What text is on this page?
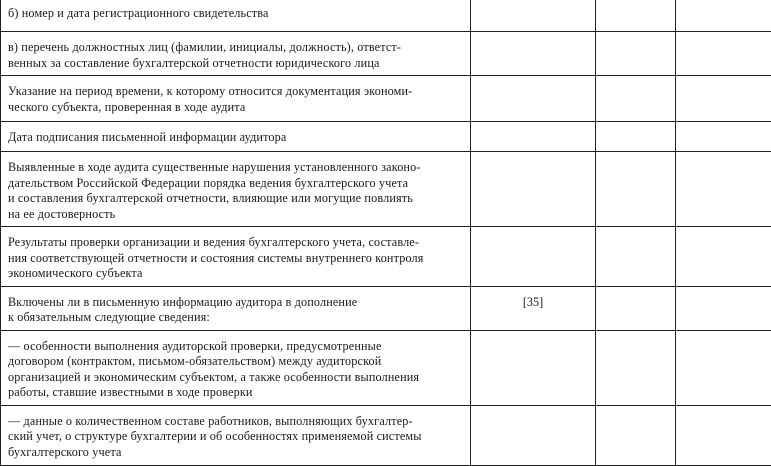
б) номер и дата регистрационного свидетельства			
в) перечень должностных лиц (фамилии, инициалы, должность), ответст-
венных за составление бухгалтерской отчетности юридического лица			
Указание на период времени, к которому относится документация экономи-
ческого субъекта, проверенная в ходе аудита			
Дата подписания письменной информации аудитора			
Выявленные в ходе аудита существенные нарушения установленного законо-
дательством Российской Федерации порядка ведения бухгалтерского учета
и составления бухгалтерской отчетности, влияющие или могущие повлиять
на ее достоверность			
Результаты проверки организации и ведения бухгалтерского учета, составле-
ния соответствующей отчетности и состояния системы внутреннего контроля
экономического субъекта			
Включены ли в письменную информацию аудитора в дополнение
к обязательным следующие сведения:	[35]		
— особенности выполнения аудиторской проверки, предусмотренные
договором (контрактом, письмом-обязательством) между аудиторской
организацией и экономическим субъектом, а также особенности выполнения
работы, ставшие известными в ходе проверки			
— данные о количественном составе работников, выполняющих бухгалтер-
ский учет, о структуре бухгалтерии и об особенностях применяемой системы
бухгалтерского учета			
